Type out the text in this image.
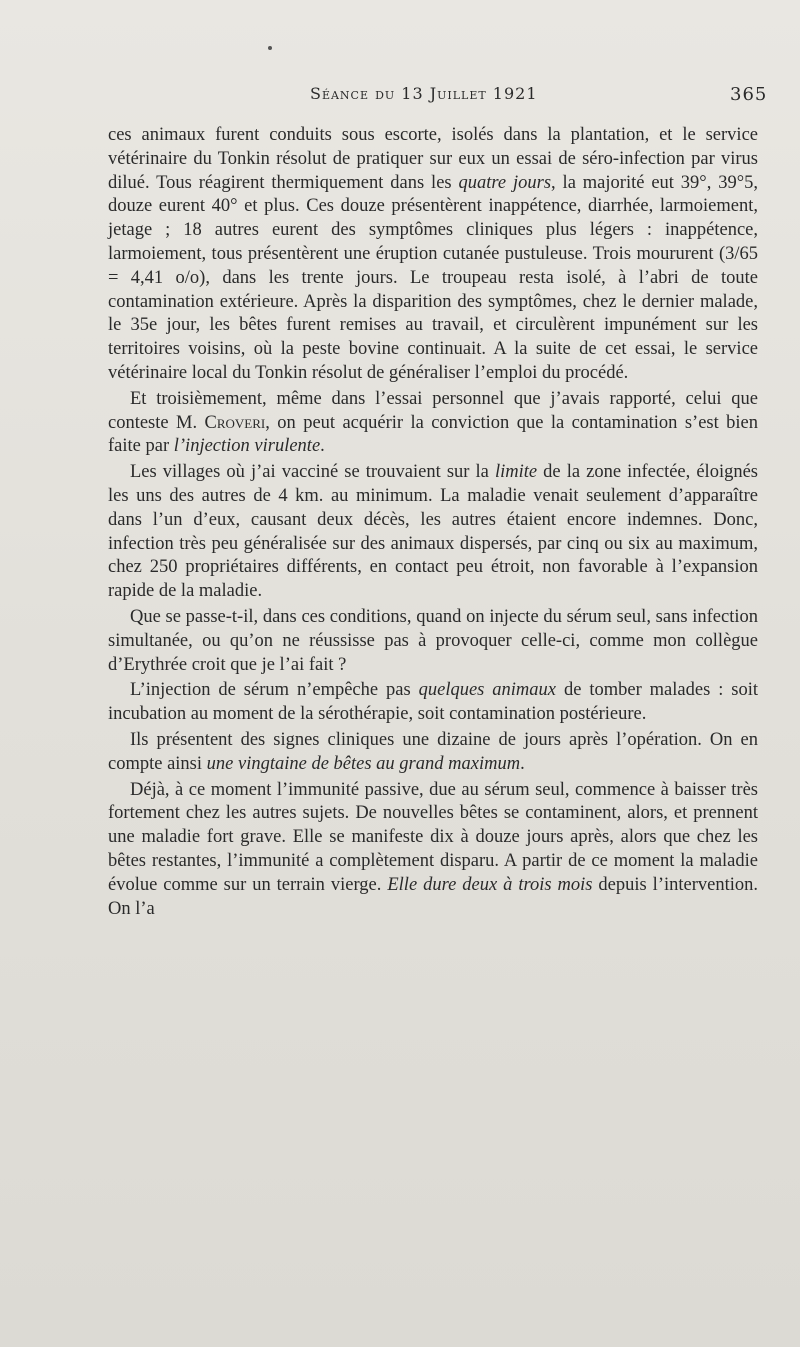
Séance du 13 Juillet 1921	365

ces animaux furent conduits sous escorte, isolés dans la plantation, et le service vétérinaire du Tonkin résolut de pratiquer sur eux un essai de séro-infection par virus dilué. Tous réagirent thermiquement dans les quatre jours, la majorité eut 39°, 39°5, douze eurent 40° et plus. Ces douze présentèrent inappétence, diarrhée, larmoiement, jetage ; 18 autres eurent des symptômes cliniques plus légers : inappétence, larmoiement, tous présentèrent une éruption cutanée pustuleuse. Trois moururent (3/65 = 4,41 o/o), dans les trente jours. Le troupeau resta isolé, à l’abri de toute contamination extérieure. Après la disparition des symptômes, chez le dernier malade, le 35e jour, les bêtes furent remises au travail, et circulèrent impunément sur les territoires voisins, où la peste bovine continuait. A la suite de cet essai, le service vétérinaire local du Tonkin résolut de généraliser l’emploi du procédé.

Et troisièmement, même dans l’essai personnel que j’avais rapporté, celui que conteste M. Croveri, on peut acquérir la conviction que la contamination s’est bien faite par l’injection virulente.

Les villages où j’ai vacciné se trouvaient sur la limite de la zone infectée, éloignés les uns des autres de 4 km. au minimum. La maladie venait seulement d’apparaître dans l’un d’eux, causant deux décès, les autres étaient encore indemnes. Donc, infection très peu généralisée sur des animaux dispersés, par cinq ou six au maximum, chez 250 propriétaires différents, en contact peu étroit, non favorable à l’expansion rapide de la maladie.

Que se passe-t-il, dans ces conditions, quand on injecte du sérum seul, sans infection simultanée, ou qu’on ne réussisse pas à provoquer celle-ci, comme mon collègue d’Erythrée croit que je l’ai fait ?

L’injection de sérum n’empêche pas quelques animaux de tomber malades : soit incubation au moment de la sérothérapie, soit contamination postérieure.

Ils présentent des signes cliniques une dizaine de jours après l’opération. On en compte ainsi une vingtaine de bêtes au grand maximum.

Déjà, à ce moment l’immunité passive, due au sérum seul, commence à baisser très fortement chez les autres sujets. De nouvelles bêtes se contaminent, alors, et prennent une maladie fort grave. Elle se manifeste dix à douze jours après, alors que chez les bêtes restantes, l’immunité a complètement disparu. A partir de ce moment la maladie évolue comme sur un terrain vierge. Elle dure deux à trois mois depuis l’intervention. On l’a
